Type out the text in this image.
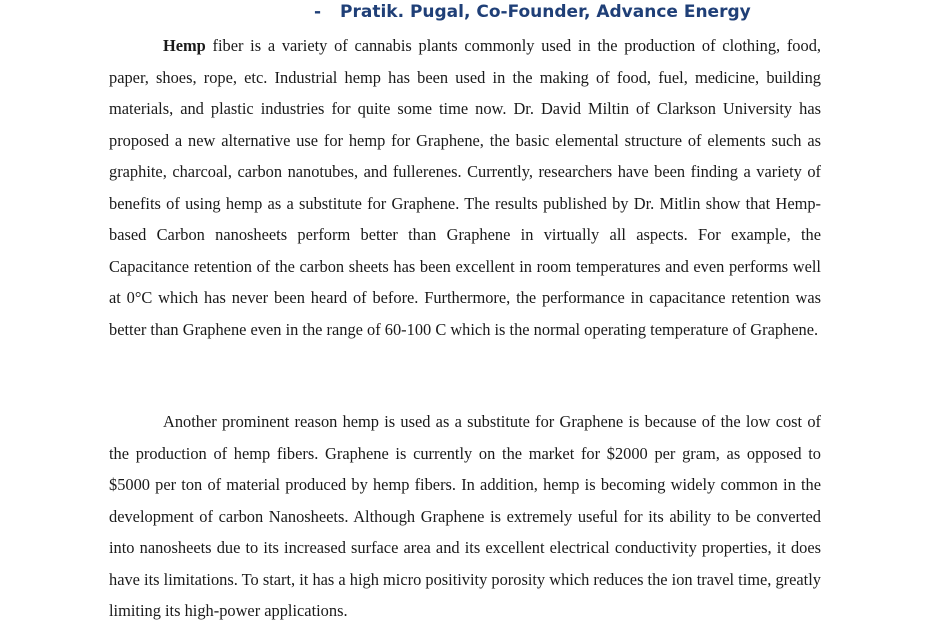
- Pratik. Pugal, Co-Founder, Advance Energy

Hemp fiber is a variety of cannabis plants commonly used in the production of clothing, food, paper, shoes, rope, etc. Industrial hemp has been used in the making of food, fuel, medicine, building materials, and plastic industries for quite some time now. Dr. David Miltin of Clarkson University has proposed a new alternative use for hemp for Graphene, the basic elemental structure of elements such as graphite, charcoal, carbon nanotubes, and fullerenes. Currently, researchers have been finding a variety of benefits of using hemp as a substitute for Graphene. The results published by Dr. Mitlin show that Hemp-based Carbon nanosheets perform better than Graphene in virtually all aspects. For example, the Capacitance retention of the carbon sheets has been excellent in room temperatures and even performs well at 0°C which has never been heard of before. Furthermore, the performance in capacitance retention was better than Graphene even in the range of 60-100 C which is the normal operating temperature of Graphene.

Another prominent reason hemp is used as a substitute for Graphene is because of the low cost of the production of hemp fibers. Graphene is currently on the market for $2000 per gram, as opposed to $5000 per ton of material produced by hemp fibers. In addition, hemp is becoming widely common in the development of carbon Nanosheets. Although Graphene is extremely useful for its ability to be converted into nanosheets due to its increased surface area and its excellent electrical conductivity properties, it does have its limitations. To start, it has a high micro positivity porosity which reduces the ion travel time, greatly limiting its high-power applications.
